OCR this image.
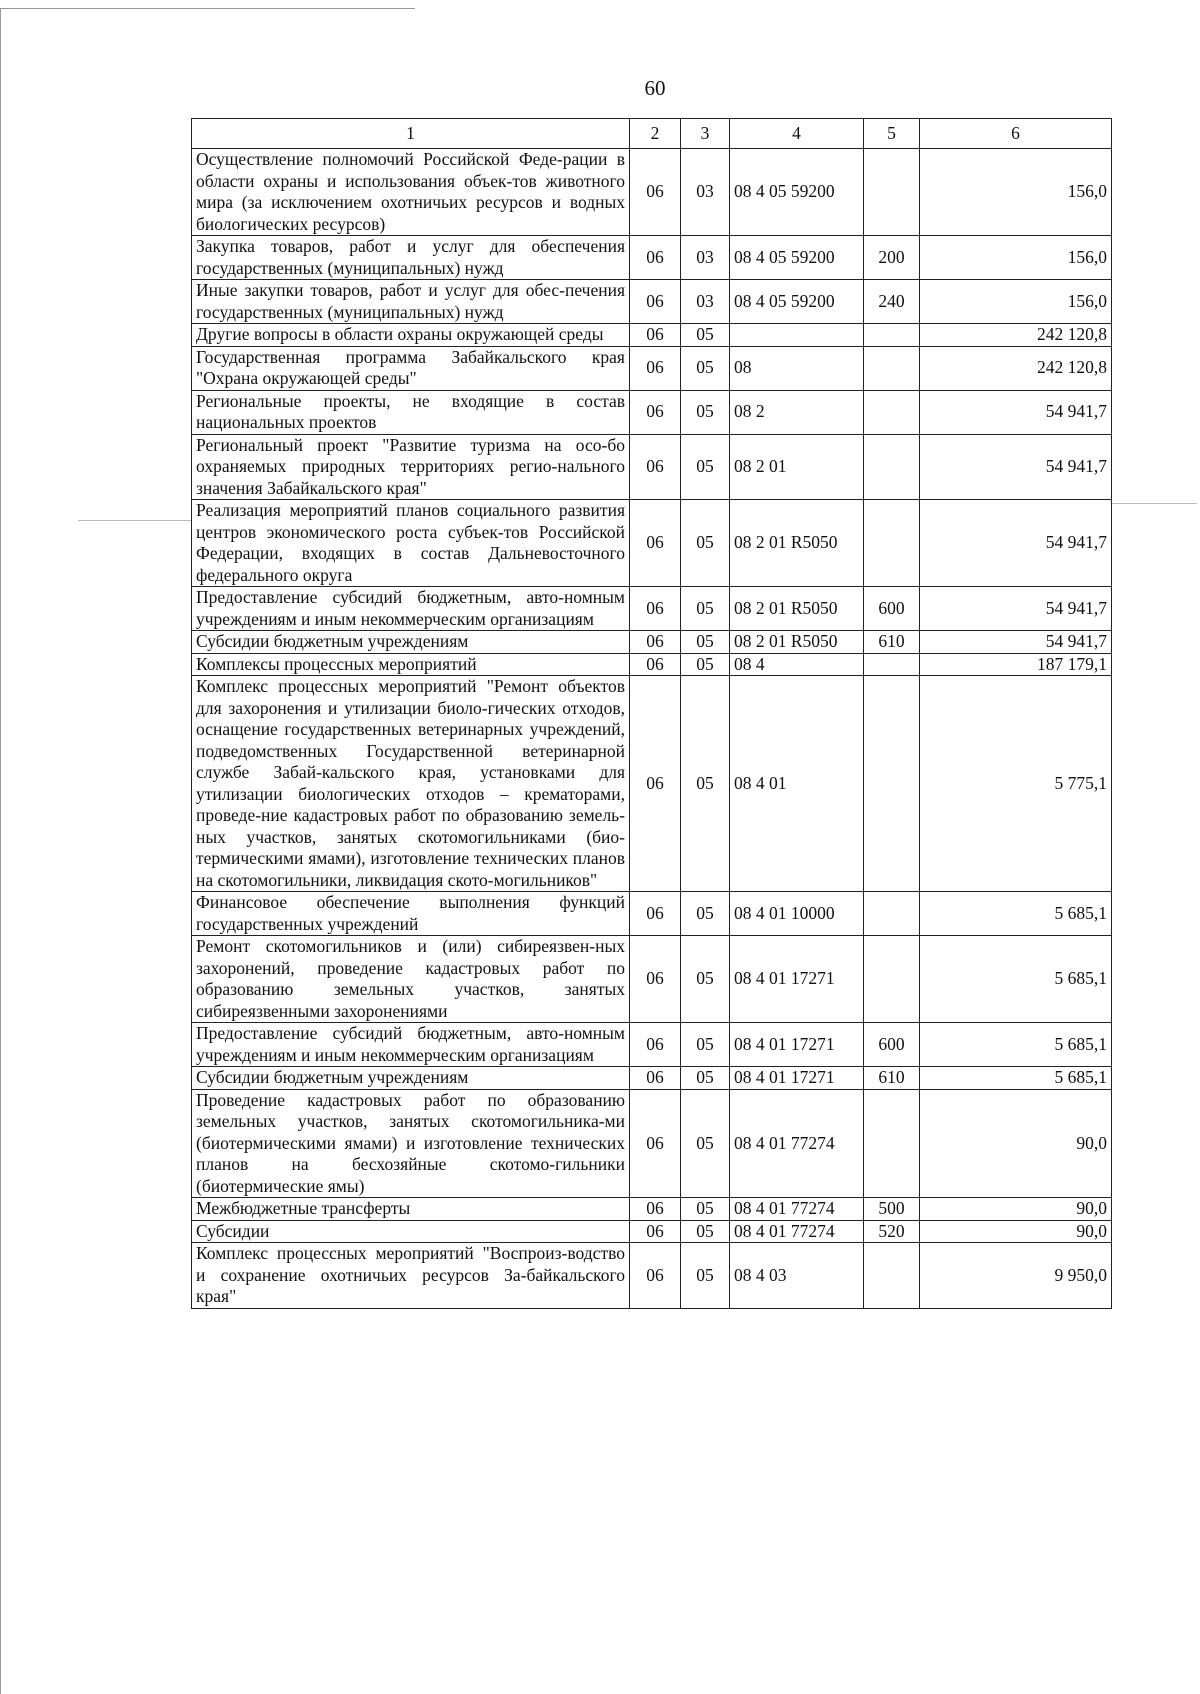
60
1	2	3	4	5	6
Осуществление полномочий Российской Феде-рации в области охраны и использования объек-тов животного мира (за исключением охотничьих ресурсов и водных биологических ресурсов)	06	03	08 4 05 59200		156,0
Закупка товаров, работ и услуг для обеспечения государственных (муниципальных) нужд	06	03	08 4 05 59200	200	156,0
Иные закупки товаров, работ и услуг для обес-печения государственных (муниципальных) нужд	06	03	08 4 05 59200	240	156,0
Другие вопросы в области охраны окружающей среды	06	05			242 120,8
Государственная программа Забайкальского края "Охрана окружающей среды"	06	05	08		242 120,8
Региональные проекты, не входящие в состав национальных проектов	06	05	08 2		54 941,7
Региональный проект "Развитие туризма на осо-бо охраняемых природных территориях регио-нального значения Забайкальского края"	06	05	08 2 01		54 941,7
Реализация мероприятий планов социального развития центров экономического роста субъек-тов Российской Федерации, входящих в состав Дальневосточного федерального округа	06	05	08 2 01 R5050		54 941,7
Предоставление субсидий бюджетным, авто-номным учреждениям и иным некоммерческим организациям	06	05	08 2 01 R5050	600	54 941,7
Субсидии бюджетным учреждениям	06	05	08 2 01 R5050	610	54 941,7
Комплексы процессных мероприятий	06	05	08 4		187 179,1
Комплекс процессных мероприятий "Ремонт объектов для захоронения и утилизации биоло-гических отходов, оснащение государственных ветеринарных учреждений, подведомственных Государственной ветеринарной службе Забай-кальского края, установками для утилизации биологических отходов – крематорами, проведе-ние кадастровых работ по образованию земель-ных участков, занятых скотомогильниками (био-термическими ямами), изготовление технических планов на скотомогильники, ликвидация ското-могильников"	06	05	08 4 01		5 775,1
Финансовое обеспечение выполнения функций государственных учреждений	06	05	08 4 01 10000		5 685,1
Ремонт скотомогильников и (или) сибиреязвен-ных захоронений, проведение кадастровых работ по образованию земельных участков, занятых сибиреязвенными захоронениями	06	05	08 4 01 17271		5 685,1
Предоставление субсидий бюджетным, авто-номным учреждениям и иным некоммерческим организациям	06	05	08 4 01 17271	600	5 685,1
Субсидии бюджетным учреждениям	06	05	08 4 01 17271	610	5 685,1
Проведение кадастровых работ по образованию земельных участков, занятых скотомогильника-ми (биотермическими ямами) и изготовление технических планов на бесхозяйные скотомо-гильники (биотермические ямы)	06	05	08 4 01 77274		90,0
Межбюджетные трансферты	06	05	08 4 01 77274	500	90,0
Субсидии	06	05	08 4 01 77274	520	90,0
Комплекс процессных мероприятий "Воспроиз-водство и сохранение охотничьих ресурсов За-байкальского края"	06	05	08 4 03		9 950,0
